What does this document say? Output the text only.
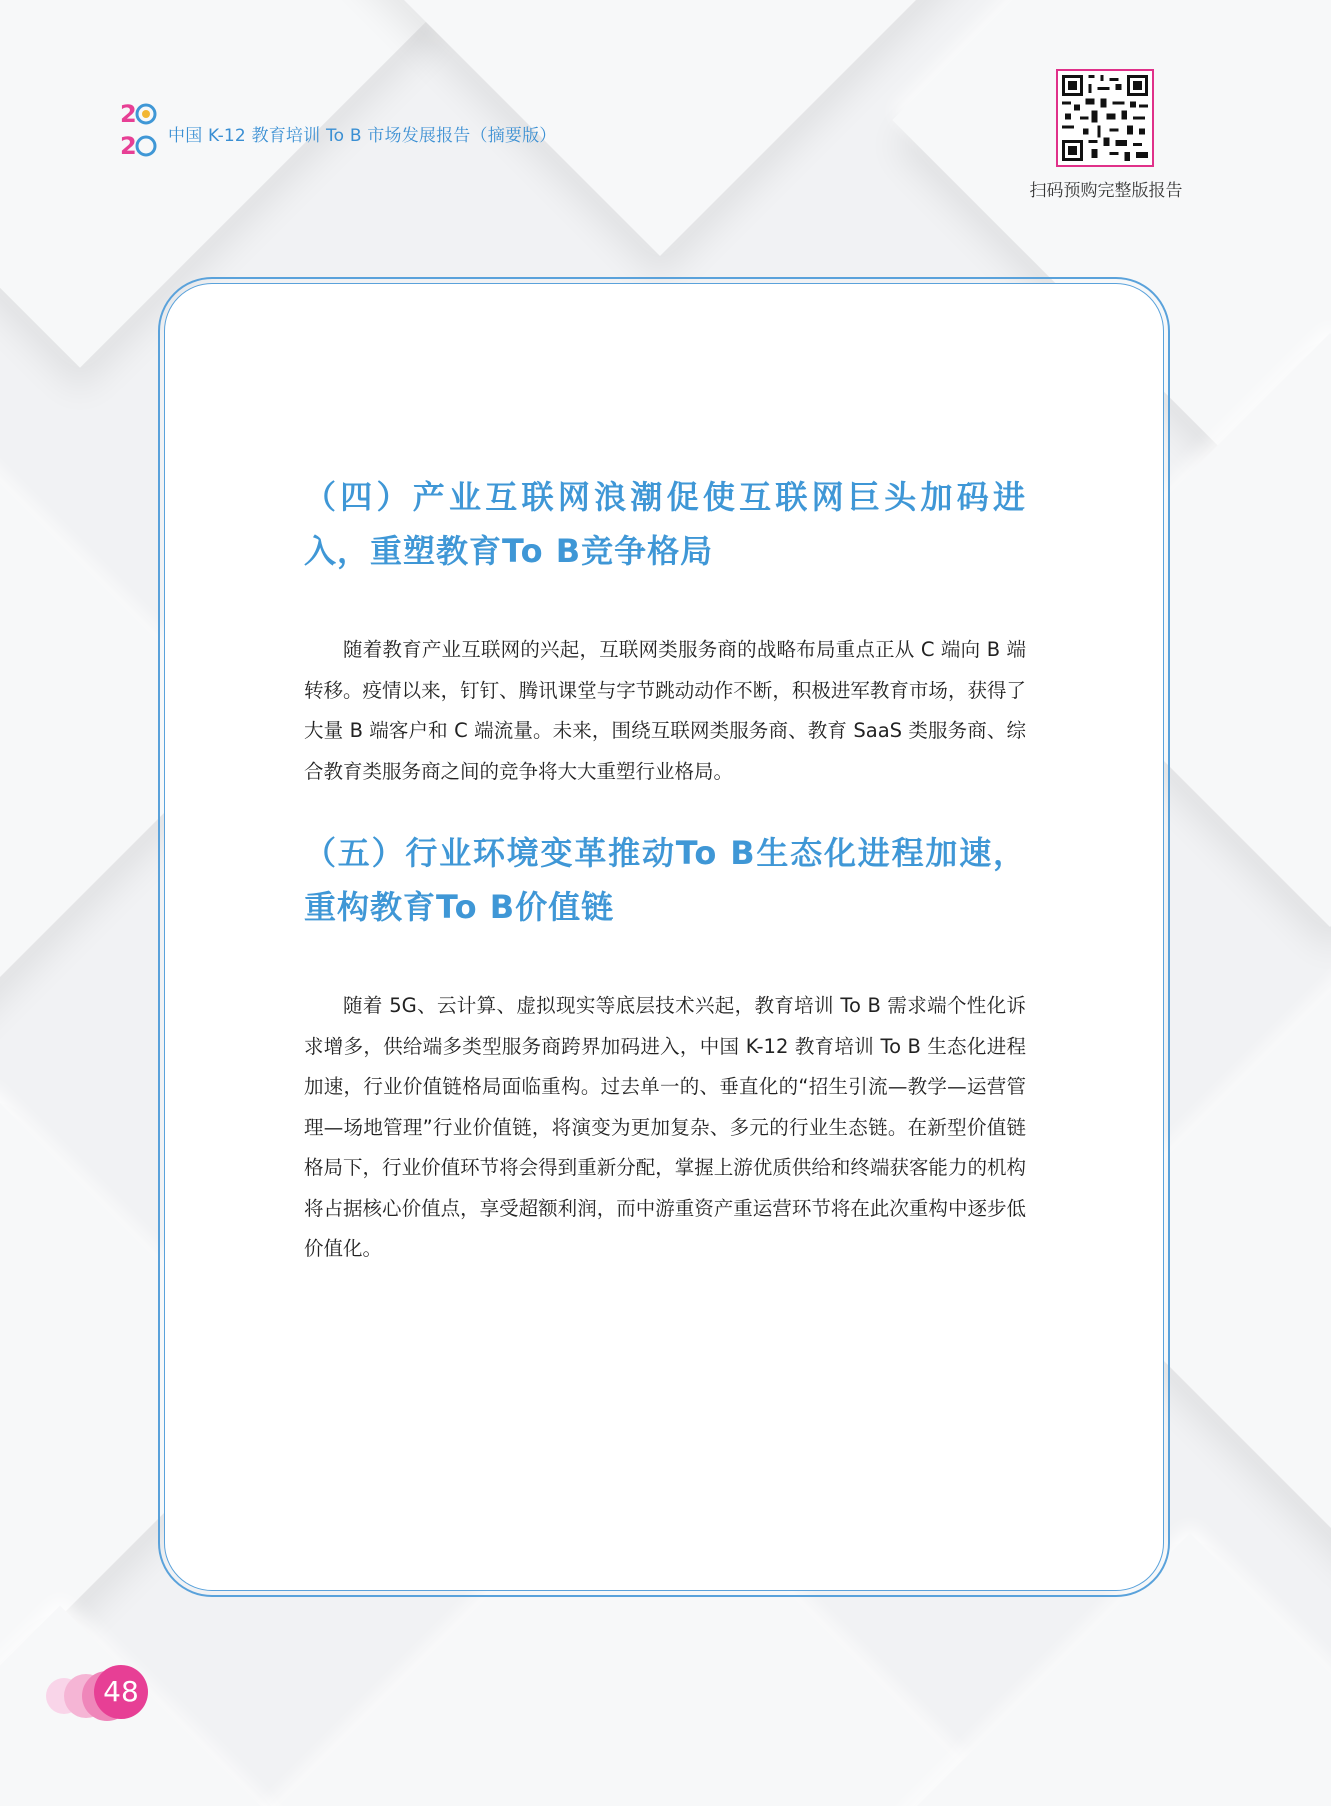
2
2 中国 K-12 教育培训 To B 市场发展报告（摘要版）
扫码预购完整版报告
（四）产业互联网浪潮促使互联网巨头加码进入，重塑教育To B竞争格局

随着教育产业互联网的兴起，互联网类服务商的战略布局重点正从 C 端向 B 端转移。疫情以来，钉钉、腾讯课堂与字节跳动动作不断，积极进军教育市场，获得了大量 B 端客户和 C 端流量。未来，围绕互联网类服务商、教育 SaaS 类服务商、综合教育类服务商之间的竞争将大大重塑行业格局。

（五）行业环境变革推动To B生态化进程加速，重构教育To B价值链

随着 5G、云计算、虚拟现实等底层技术兴起，教育培训 To B 需求端个性化诉求增多，供给端多类型服务商跨界加码进入，中国 K-12 教育培训 To B 生态化进程加速，行业价值链格局面临重构。过去单一的、垂直化的“招生引流—教学—运营管理—场地管理”行业价值链，将演变为更加复杂、多元的行业生态链。在新型价值链格局下，行业价值环节将会得到重新分配，掌握上游优质供给和终端获客能力的机构将占据核心价值点，享受超额利润，而中游重资产重运营环节将在此次重构中逐步低价值化。

48
